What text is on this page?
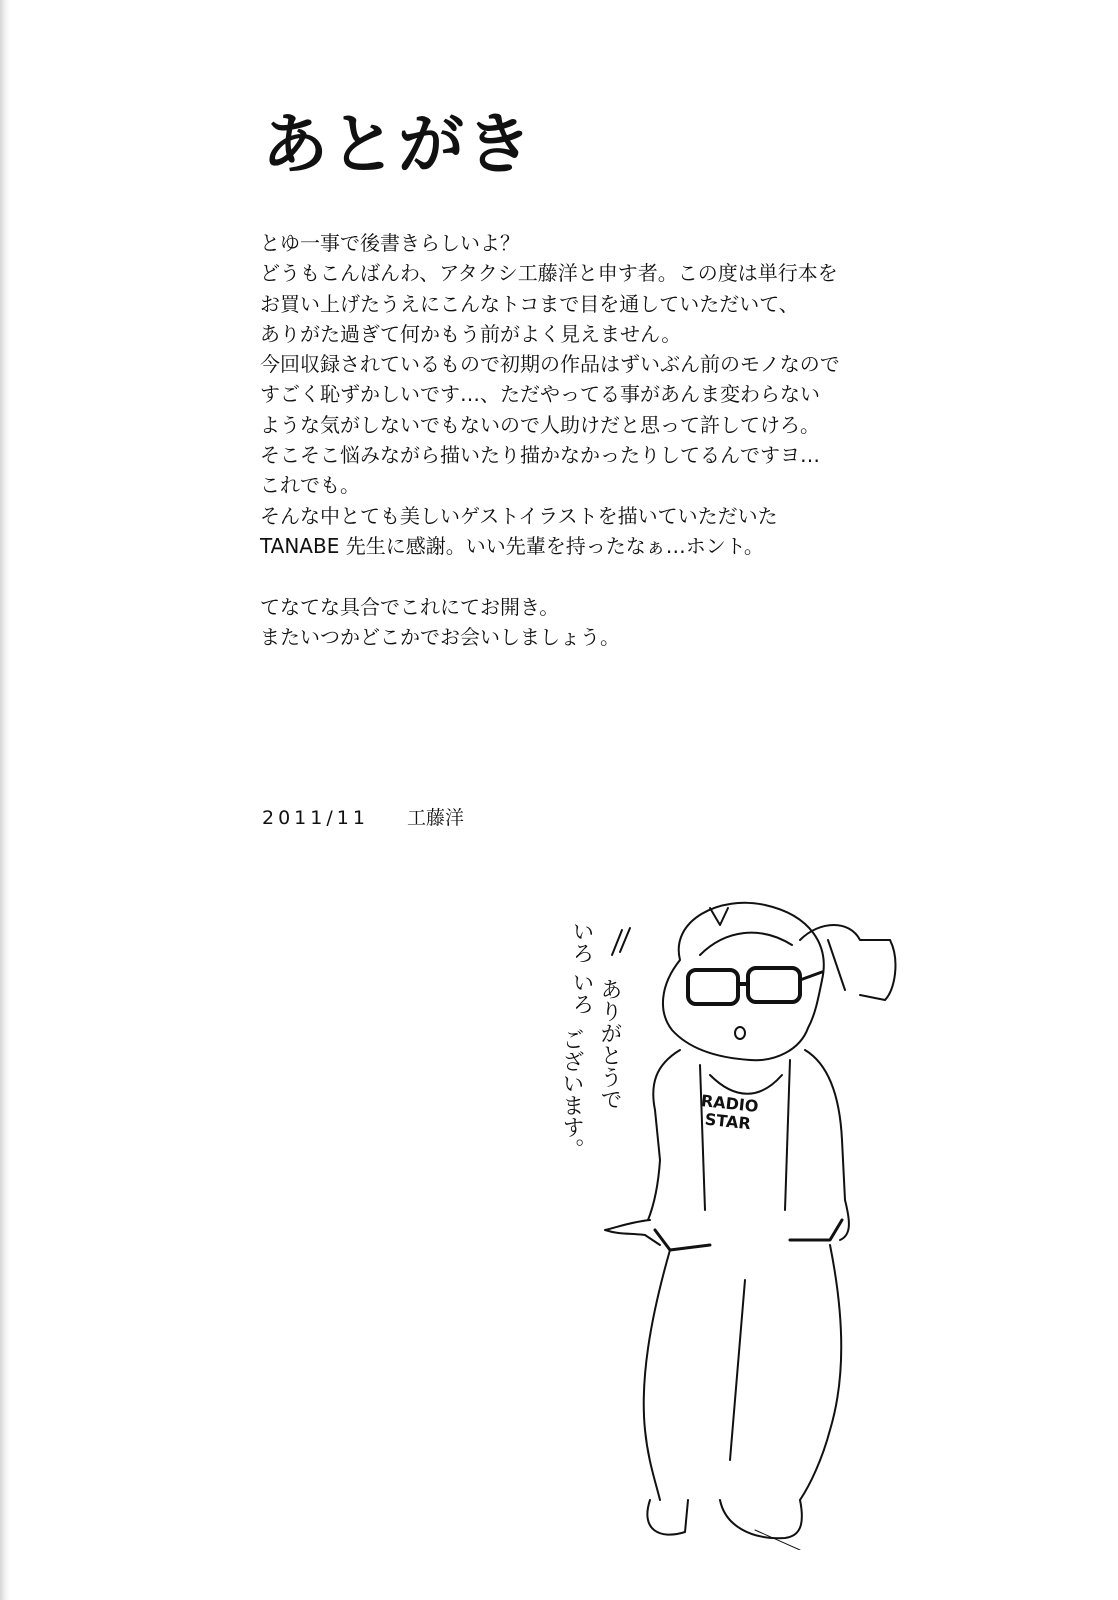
あとがき
とゆ一事で後書きらしいよ？
どうもこんばんわ、アタクシ工藤洋と申す者。この度は単行本を
お買い上げたうえにこんなトコまで目を通していただいて、
ありがた過ぎて何かもう前がよく見えません。
今回収録されているもので初期の作品はずいぶん前のモノなので
すごく恥ずかしいです…、ただやってる事があんま変わらない
ような気がしないでもないので人助けだと思って許してけろ。
そこそこ悩みながら描いたり描かなかったりしてるんですヨ…
これでも。
そんな中とても美しいゲストイラストを描いていただいた
TANABE 先生に感謝。いい先輩を持ったなぁ…ホント。
てなてな具合でこれにてお開き。
またいつかどこかでお会いしましょう。
2011/11 工藤洋
RADIO
STAR
いろ いろ
ありがとうで
ございます。
